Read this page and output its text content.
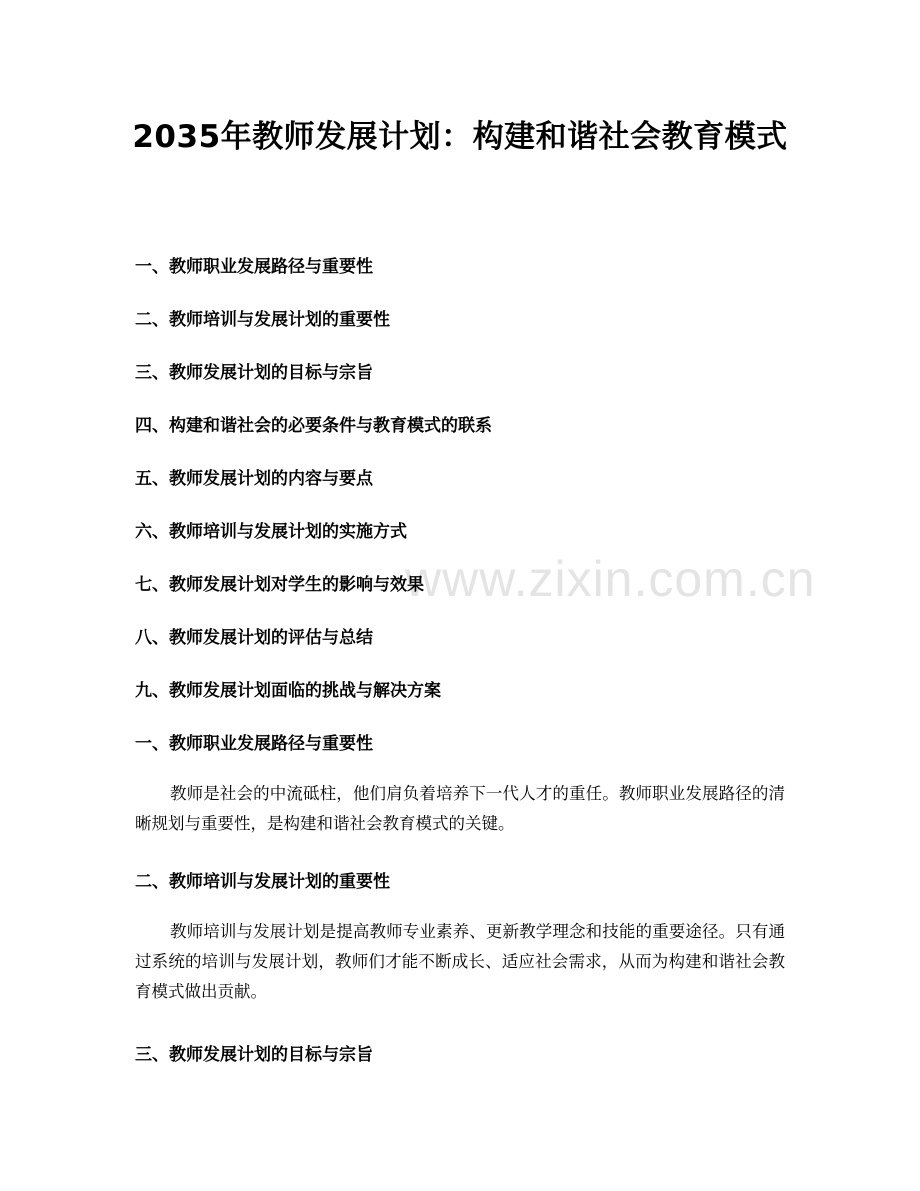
www.zixin.com.cn
2035年教师发展计划：构建和谐社会教育模式
一、教师职业发展路径与重要性
二、教师培训与发展计划的重要性
三、教师发展计划的目标与宗旨
四、构建和谐社会的必要条件与教育模式的联系
五、教师发展计划的内容与要点
六、教师培训与发展计划的实施方式
七、教师发展计划对学生的影响与效果
八、教师发展计划的评估与总结
九、教师发展计划面临的挑战与解决方案
一、教师职业发展路径与重要性

教师是社会的中流砥柱，他们肩负着培养下一代人才的重任。教师职业发展路径的清晰规划与重要性，是构建和谐社会教育模式的关键。

二、教师培训与发展计划的重要性

教师培训与发展计划是提高教师专业素养、更新教学理念和技能的重要途径。只有通过系统的培训与发展计划，教师们才能不断成长、适应社会需求，从而为构建和谐社会教育模式做出贡献。

三、教师发展计划的目标与宗旨
